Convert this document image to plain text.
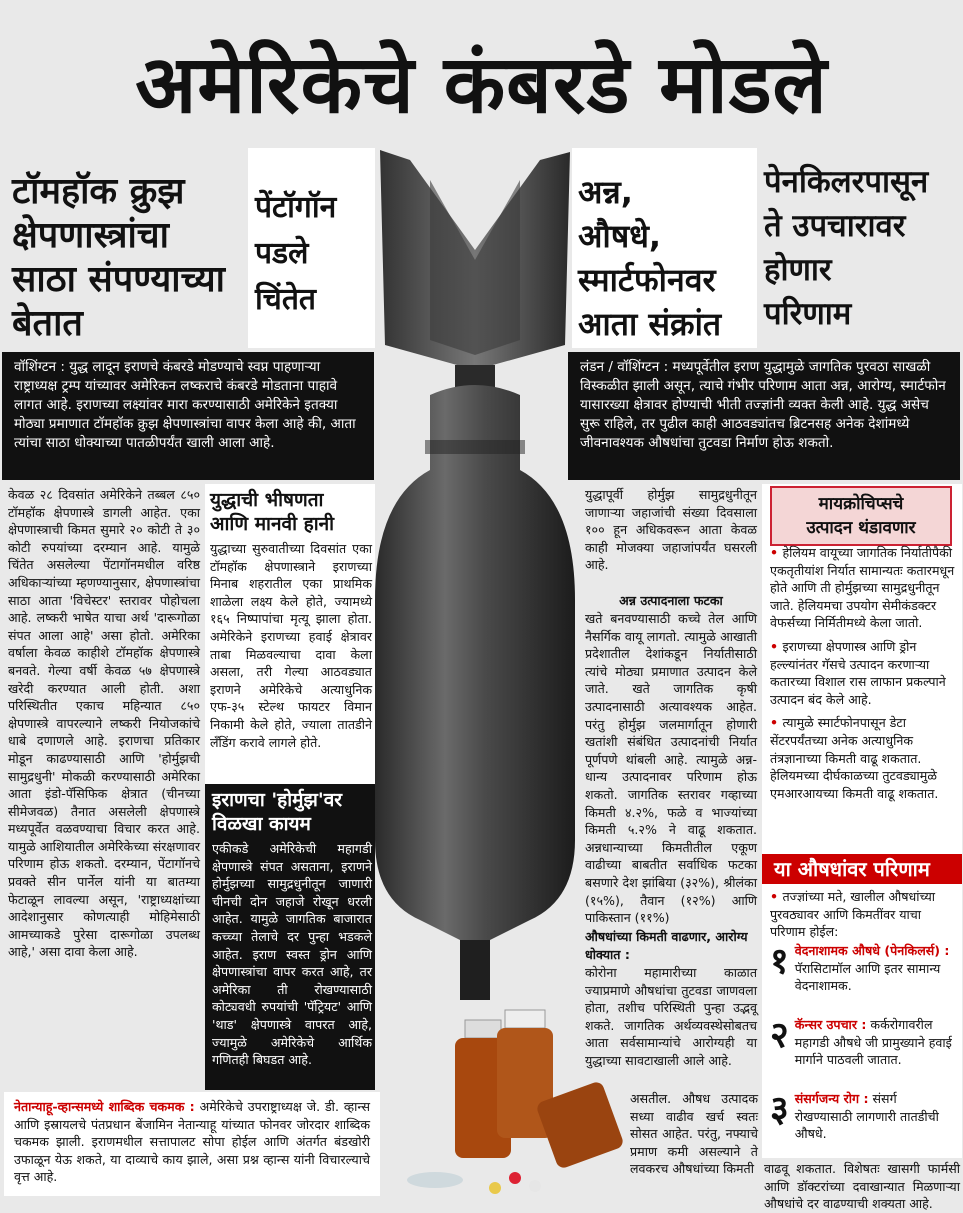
अमेरिकेचे कंबरडे मोडले

टॉमहॉक क्रुझ

क्षेपणास्त्रांचा

साठा संपण्याच्या

बेतात

पेंटॉगॉन

पडले

चिंतेत

अन्न,

औषधे,

स्मार्टफोनवर

आता संक्रांत

पेनकिलरपासून

ते उपचारावर

होणार

परिणाम

वॉशिंग्टन : युद्ध लादून इराणचे कंबरडे मोडण्याचे स्वप्न पाहणाऱ्या राष्ट्राध्यक्ष ट्रम्प यांच्यावर अमेरिकन लष्कराचे कंबरडे मोडताना पाहावे लागत आहे. इराणच्या लक्ष्यांवर मारा करण्यासाठी अमेरिकेने इतक्या मोठ्या प्रमाणात टॉमहॉक क्रुझ क्षेपणास्त्रांचा वापर केला आहे की, आता त्यांचा साठा धोक्याच्या पातळीपर्यंत खाली आला आहे.
लंडन / वॉशिंग्टन : मध्यपूर्वेतील इराण युद्धामुळे जागतिक पुरवठा साखळी विस्कळीत झाली असून, त्याचे गंभीर परिणाम आता अन्न, आरोग्य, स्मार्टफोन यासारख्या क्षेत्रावर होण्याची भीती तज्ज्ञांनी व्यक्त केली आहे. युद्ध असेच सुरू राहिले, तर पुढील काही आठवड्यांतच ब्रिटनसह अनेक देशांमध्ये जीवनावश्यक औषधांचा तुटवडा निर्माण होऊ शकतो.
केवळ २८ दिवसांत अमेरिकेने तब्बल ८५० टॉमहॉक क्षेपणास्त्रे डागली आहेत. एका क्षेपणास्त्राची किमत सुमारे २० कोटी ते ३० कोटी रुपयांच्या दरम्यान आहे. यामुळे चिंतेत असलेल्या पेंटागॉनमधील वरिष्ठ अधिकाऱ्यांच्या म्हणण्यानुसार, क्षेपणास्त्रांचा साठा आता 'विचेस्टर' स्तरावर पोहोचला आहे. लष्करी भाषेत याचा अर्थ 'दारूगोळा संपत आला आहे' असा होतो. अमेरिका वर्षाला केवळ काहीशे टॉमहॉक क्षेपणास्त्रे बनवते. गेल्या वर्षी केवळ ५७ क्षेपणास्त्रे खरेदी करण्यात आली होती. अशा परिस्थितीत एकाच महिन्यात ८५० क्षेपणास्त्रे वापरल्याने लष्करी नियोजकांचे धाबे दणाणले आहे. इराणचा प्रतिकार मोडून काढण्यासाठी आणि 'होर्मुझची सामुद्रधुनी' मोकळी करण्यासाठी अमेरिका आता इंडो-पॅसिफिक क्षेत्रात (चीनच्या सीमेजवळ) तैनात असलेली क्षेपणास्त्रे मध्यपूर्वेत वळवण्याचा विचार करत आहे. यामुळे आशियातील अमेरिकेच्या संरक्षणावर परिणाम होऊ शकतो. दरम्यान, पेंटागॉनचे प्रवक्ते सीन पार्नेल यांनी या बातम्या फेटाळून लावल्या असून, 'राष्ट्राध्यक्षांच्या आदेशानुसार कोणत्याही मोहिमेसाठी आमच्याकडे पुरेसा दारूगोळा उपलब्ध आहे,' असा दावा केला आहे.
युद्धाची भीषणता
आणि मानवी हानी
युद्धाच्या सुरुवातीच्या दिवसांत एका टॉमहॉक क्षेपणास्त्राने इराणच्या मिनाब शहरातील एका प्राथमिक शाळेला लक्ष्य केले होते, ज्यामध्ये १६५ निष्पापांचा मृत्यू झाला होता. अमेरिकेने इराणच्या हवाई क्षेत्रावर ताबा मिळवल्याचा दावा केला असला, तरी गेल्या आठवड्यात इराणने अमेरिकेचे अत्याधुनिक एफ-३५ स्टेल्थ फायटर विमान निकामी केले होते, ज्याला तातडीने लँडिंग करावे लागले होते.
इराणचा 'होर्मुझ'वर
विळखा कायम
एकीकडे अमेरिकेची महागडी क्षेपणास्त्रे संपत असताना, इराणने होर्मुझच्या सामुद्रधुनीतून जाणारी चीनची दोन जहाजे रोखून धरली आहेत. यामुळे जागतिक बाजारात कच्च्या तेलाचे दर पुन्हा भडकले आहेत. इराण स्वस्त ड्रोन आणि क्षेपणास्त्रांचा वापर करत आहे, तर अमेरिका ती रोखण्यासाठी कोट्यवधी रुपयांची 'पॅट्रियट' आणि 'थाड' क्षेपणास्त्रे वापरत आहे, ज्यामुळे अमेरिकेचे आर्थिक गणितही बिघडत आहे.
नेतान्याहू-व्हान्समध्ये शाब्दिक चकमक : अमेरिकेचे उपराष्ट्राध्यक्ष जे. डी. व्हान्स आणि इस्रायलचे पंतप्रधान बेंजामिन नेतान्याहू यांच्यात फोनवर जोरदार शाब्दिक चकमक झाली. इराणमधील सत्तापालट सोपा होईल आणि अंतर्गत बंडखोरी उफाळून येऊ शकते, या दाव्याचे काय झाले, असा प्रश्न व्हान्स यांनी विचारल्याचे वृत्त आहे.
युद्धापूर्वी होर्मुझ सामुद्रधुनीतून जाणाऱ्या जहाजांची संख्या दिवसाला १०० हून अधिकवरून आता केवळ काही मोजक्या जहाजांपर्यंत घसरली आहे.
अन्न उत्पादनाला फटका
खते बनवण्यासाठी कच्चे तेल आणि नैसर्गिक वायू लागतो. त्यामुळे आखाती प्रदेशातील देशांकडून निर्यातीसाठी त्यांचे मोठ्या प्रमाणात उत्पादन केले जाते. खते जागतिक कृषी उत्पादनासाठी अत्यावश्यक आहेत. परंतु होर्मुझ जलमार्गातून होणारी खतांशी संबंधित उत्पादनांची निर्यात पूर्णपणे थांबली आहे. त्यामुळे अन्न-धान्य उत्पादनावर परिणाम होऊ शकतो. जागतिक स्तरावर गव्हाच्या किमती ४.२%, फळे व भाज्यांच्या किमती ५.२% ने वाढू शकतात. अन्नधान्याच्या किमतीतील एकूण वाढीच्या बाबतीत सर्वाधिक फटका बसणारे देश झांबिया (३२%), श्रीलंका (१५%), तैवान (१२%) आणि पाकिस्तान (११%)
औषधांच्या किमती वाढणार, आरोग्य धोक्यात :
कोरोना महामारीच्या काळात ज्याप्रमाणे औषधांचा तुटवडा जाणवला होता, तशीच परिस्थिती पुन्हा उद्भवू शकते. जागतिक अर्थव्यवस्थेसोबतच आता सर्वसामान्यांचे आरोग्यही या युद्धाच्या सावटाखाली आले आहे.
असतील. औषध उत्पादक सध्या वाढीव खर्च स्वतः सोसत आहेत. परंतु, नफ्याचे प्रमाण कमी असल्याने ते लवकरच औषधांच्या किमती
मायक्रोचिप्सचे
उत्पादन थंडावणार
• हेलियम वायूच्या जागतिक निर्यातीपैकी एकतृतीयांश निर्यात सामान्यतः कतारमधून होते आणि ती होर्मुझच्या सामुद्रधुनीतून जाते. हेलियमचा उपयोग सेमीकंडक्टर वेफर्सच्या निर्मितीमध्ये केला जातो.
• इराणच्या क्षेपणास्त्र आणि ड्रोन हल्ल्यांनंतर गॅसचे उत्पादन करणाऱ्या कतारच्या विशाल रास लाफान प्रकल्पाने उत्पादन बंद केले आहे.
• त्यामुळे स्मार्टफोनपासून डेटा सेंटरपर्यंतच्या अनेक अत्याधुनिक तंत्रज्ञानाच्या किमती वाढू शकतात. हेलियमच्या दीर्घकाळच्या तुटवड्यामुळे एमआरआयच्या किमती वाढू शकतात.
या औषधांवर परिणाम
• तज्ज्ञांच्या मते, खालील औषधांच्या पुरवठ्यावर आणि किमतींवर याचा परिणाम होईल:
१ वेदनाशामक औषधे (पेनकिलर्स) : पॅरासिटामॉल आणि इतर सामान्य वेदनाशामक.
२ कॅन्सर उपचार : कर्करोगावरील महागडी औषधे जी प्रामुख्याने हवाई मार्गाने पाठवली जातात.
३ संसर्गजन्य रोग : संसर्ग रोखण्यासाठी लागणारी तातडीची औषधे.
वाढवू शकतात. विशेषतः खासगी फार्मसी आणि डॉक्टरांच्या दवाखान्यात मिळणाऱ्या औषधांचे दर वाढण्याची शक्यता आहे.
